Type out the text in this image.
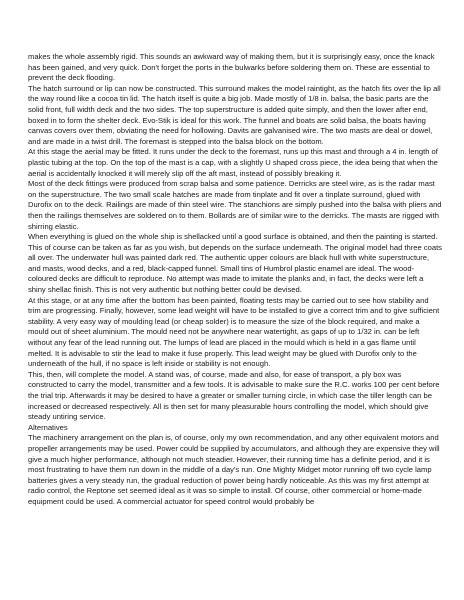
makes the whole assembly rigid. This sounds an awkward way of making them, but it is surprisingly easy, once the knack has been gained, and very quick. Don't forget the ports in the bulwarks before soldering them on. These are essential to prevent the deck flooding.

The hatch surround or lip can now be constructed. This surround makes the model raintight, as the hatch fits over the lip all the way round like a cocoa tin lid. The hatch itself is quite a big job. Made mostly of 1/8 in. balsa, the basic parts are the solid front, full width deck and the two sides. The top superstructure is added quite simply, and then the lower after end, boxed in to form the shelter deck. Evo-Stik is ideal for this work. The funnel and boats are solid balsa, the boats having canvas covers over them, obviating the need for hollowing. Davits are galvanised wire. The two masts are deal or dowel, and are made in a twist drill. The foremast is stepped into the balsa block on the bottom.

At this stage the aerial may be fitted. It runs under the deck to the foremast, runs up this mast and through a 4 in. length of plastic tubing at the top. On the top of the mast is a cap, with a slightly U shaped cross piece, the idea being that when the aerial is accidentally knocked it will merely slip off the aft mast, instead of possibly breaking it.

Most of the deck fittings were produced from scrap balsa and some patience. Derricks are steel wire, as is the radar mast on the superstructure. The two small scale hatches are made from tinplate and fit over a tinplate surround, glued with Durofix on to the deck. Railings are made of thin steel wire. The stanchions are simply pushed into the balsa with pliers and then the railings themselves are soldered on to them. Bollards are of similar wire to the derricks. The masts are rigged with shirring elastic.

When everything is glued on the whole ship is shellacked until a good surface is obtained, and then the painting is started. This of course can be taken as far as you wish, but depends on the surface underneath. The original model had three coats all over. The underwater hull was painted dark red. The authentic upper colours are black hull with white superstructure, and masts, wood decks, and a red, black-capped funnel. Small tins of Humbrol plastic enamel are ideal. The wood-coloured decks are difficult to reproduce. No attempt was made to imitate the planks and, in fact, the decks were left a shiny shellac finish. This is not very authentic but nothing better could be devised.

At this stage, or at any time after the bottom has been painted, floating tests may be carried out to see how stability and trim are progressing. Finally, however, some lead weight will have to be installed to give a correct trim and to give sufficient stability. A very easy way of moulding lead (or cheap solder) is to measure the size of the block required, and make a mould out of sheet aluminium. The mould need not be anywhere near watertight, as gaps of up to 1/32 in. can be left without any fear of the lead running out. The lumps of lead are placed in the mould which is held in a gas flame until melted. It is advisable to stir the lead to make it fuse properly. This lead weight may be glued with Durofix only to the underneath of the hull, if no space is left inside or stability is not enough.

This, then, will complete the model. A stand was, of course, made and also, for ease of transport, a ply box was constructed to carry the model, transmitter and a few tools. It is advisable to make sure the R.C. works 100 per cent before the trial trip. Afterwards it may be desired to have a greater or smaller turning circle, in which case the tiller length can be increased or decreased respectively. All is then set for many pleasurable hours controlling the model, which should give steady untiring service.

Alternatives

The machinery arrangement on the plan is, of course, only my own recommendation, and any other equivalent motors and propeller arrangements may be used. Power could be supplied by accumulators, and although they are expensive they will give a much higher performance, although not much steadier. However, their running time has a definite period, and it is most frustrating to have them run down in the middle of a day's run. One Mighty Midget motor running off two cycle lamp batteries gives a very steady run, the gradual reduction of power being hardly noticeable. As this was my first attempt at radio control, the Reptone set seemed ideal as it was so simple to install. Of course, other commercial or home-made equipment could be used. A commercial actuator for speed control would probably be
